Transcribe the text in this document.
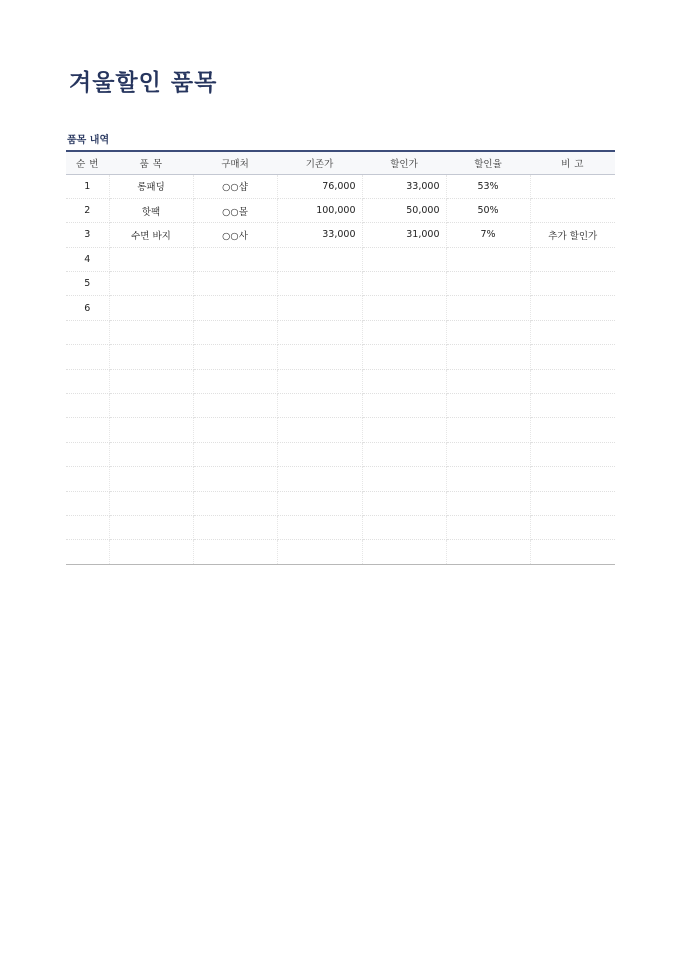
겨울할인 품목
품목 내역
순 번	품 목	구매처	기존가	할인가	할인율	비 고
1	롱패딩	○○샵	76,000	33,000	53%	
2	핫팩	○○몰	100,000	50,000	50%	
3	수면 바지	○○사	33,000	31,000	7%	추가 할인가
4						
5						
6						
